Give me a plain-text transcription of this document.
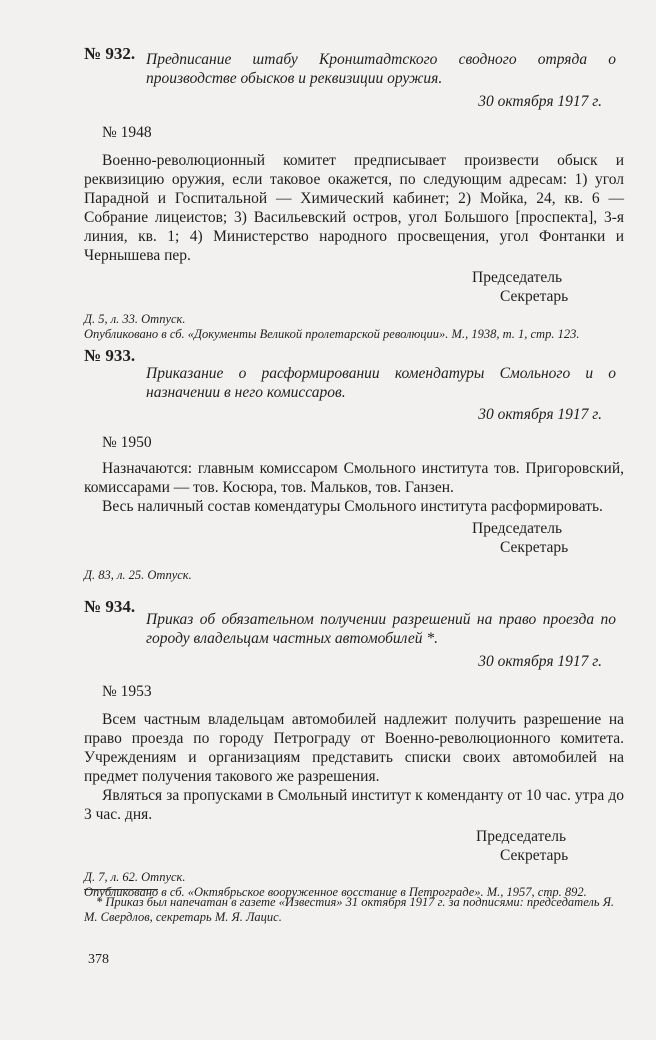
№ 932. Предписание штабу Кронштадтского сводного отряда о производстве обысков и реквизиции оружия.
30 октября 1917 г.
№ 1948

Военно-революционный комитет предписывает произвести обыск и реквизицию оружия, если таковое окажется, по следующим адресам: 1) угол Парадной и Госпитальной — Химический кабинет; 2) Мойка, 24, кв. 6 — Собрание лицеистов; 3) Васильевский остров, угол Большого [проспекта], 3-я линия, кв. 1; 4) Министерство народного просвещения, угол Фонтанки и Чернышева пер.

Председатель
Секретарь
Д. 5, л. 33. Отпуск.
Опубликовано в сб. «Документы Великой пролетарской революции». М., 1938, т. 1, стр. 123.
№ 933.
Приказание о расформировании комендатуры Смольного и о назначении в него комиссаров.
30 октября 1917 г.
№ 1950

Назначаются: главным комиссаром Смольного института тов. Пригоровский, комиссарами — тов. Косюра, тов. Мальков, тов. Ганзен.

Весь наличный состав комендатуры Смольного института расформировать.

Председатель
Секретарь
Д. 83, л. 25. Отпуск.
№ 934.
Приказ об обязательном получении разрешений на право проезда по городу владельцам частных автомобилей *.
30 октября 1917 г.
№ 1953

Всем частным владельцам автомобилей надлежит получить разрешение на право проезда по городу Петрограду от Военно-революционного комитета. Учреждениям и организациям представить списки своих автомобилей на предмет получения такового же разрешения.

Являться за пропусками в Смольный институт к коменданту от 10 час. утра до 3 час. дня.

Председатель
Секретарь
Д. 7, л. 62. Отпуск.
Опубликовано в сб. «Октябрьское вооруженное восстание в Петрограде». М., 1957, стр. 892.
* Приказ был напечатан в газете «Известия» 31 октября 1917 г. за подписями: председатель Я. М. Свердлов, секретарь М. Я. Лацис.
378
